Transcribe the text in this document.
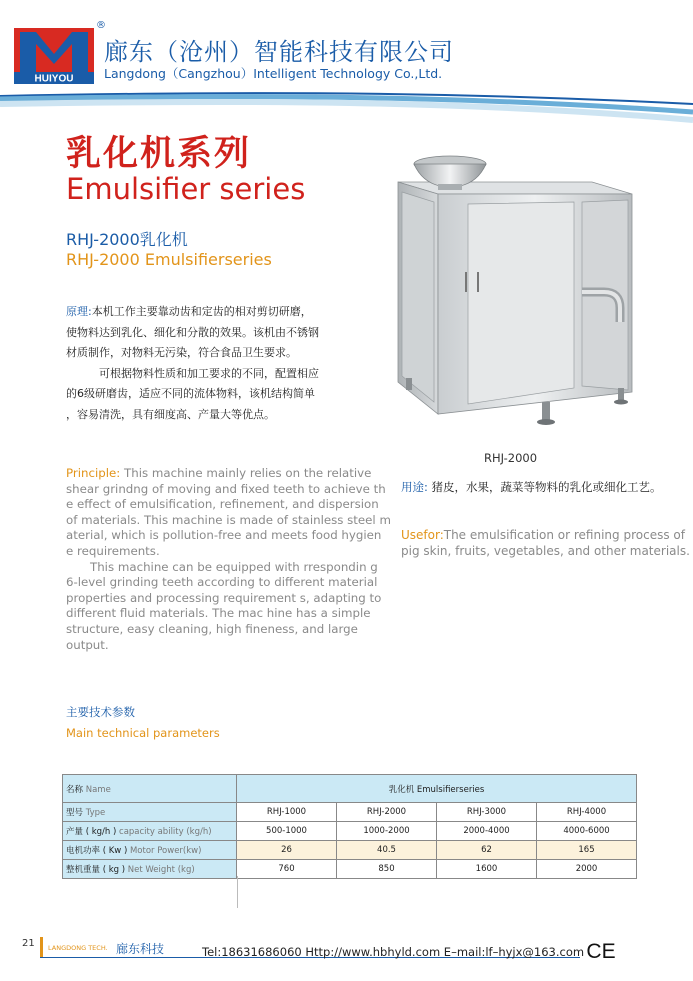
HUIYOU
®
廊东（沧州）智能科技有限公司
Langdong（Cangzhou）Intelligent Technology Co.,Ltd.
乳化机系列
Emulsifier series
RHJ-2000乳化机
RHJ-2000 Emulsifierseries
RHJ-2000

原理:本机工作主要靠动齿和定齿的相对剪切研磨，

使物料达到乳化、细化和分散的效果。该机由不锈钢

材质制作，对物料无污染，符合食品卫生要求。

可根据物料性质和加工要求的不同，配置相应

的6级研磨齿，适应不同的流体物料，该机结构简单

，容易清洗，具有细度高、产量大等优点。

Principle: This machine mainly relies on the relative

shear grindng of moving and fixed teeth to achieve th

e effect of emulsification, refinement, and dispersion

of materials. This machine is made of stainless steel m

aterial, which is pollution-free and meets food hygien

e requirements.

This machine can be equipped with rrespondin g

6-level grinding teeth according to different material

properties and processing requirement s, adapting to

different fluid materials. The mac hine has a simple

structure, easy cleaning, high fineness, and large

output.

用途: 猪皮，水果，蔬菜等物料的乳化或细化工艺。

Usefor:The emulsification or refining process of

pig skin, fruits, vegetables, and other materials.

主要技术参数
Main technical parameters
名称 Name	乳化机 Emulsifierseries			
型号 Type	RHJ-1000	RHJ-2000	RHJ-3000	RHJ-4000
产量 ( kg/h ) capacity ability (kg/h)	500-1000	1000-2000	2000-4000	4000-6000
电机功率 ( Kw ) Motor Power(kw)	26	40.5	62	165
整机重量 ( kg ) Net Weight (kg)	760	850	1600	2000
21 LANGDONG TECH. 廊东科技	Tel:18631686060 Http://www.hbhyld.com E–mail:lf–hyjx@163.com CE
